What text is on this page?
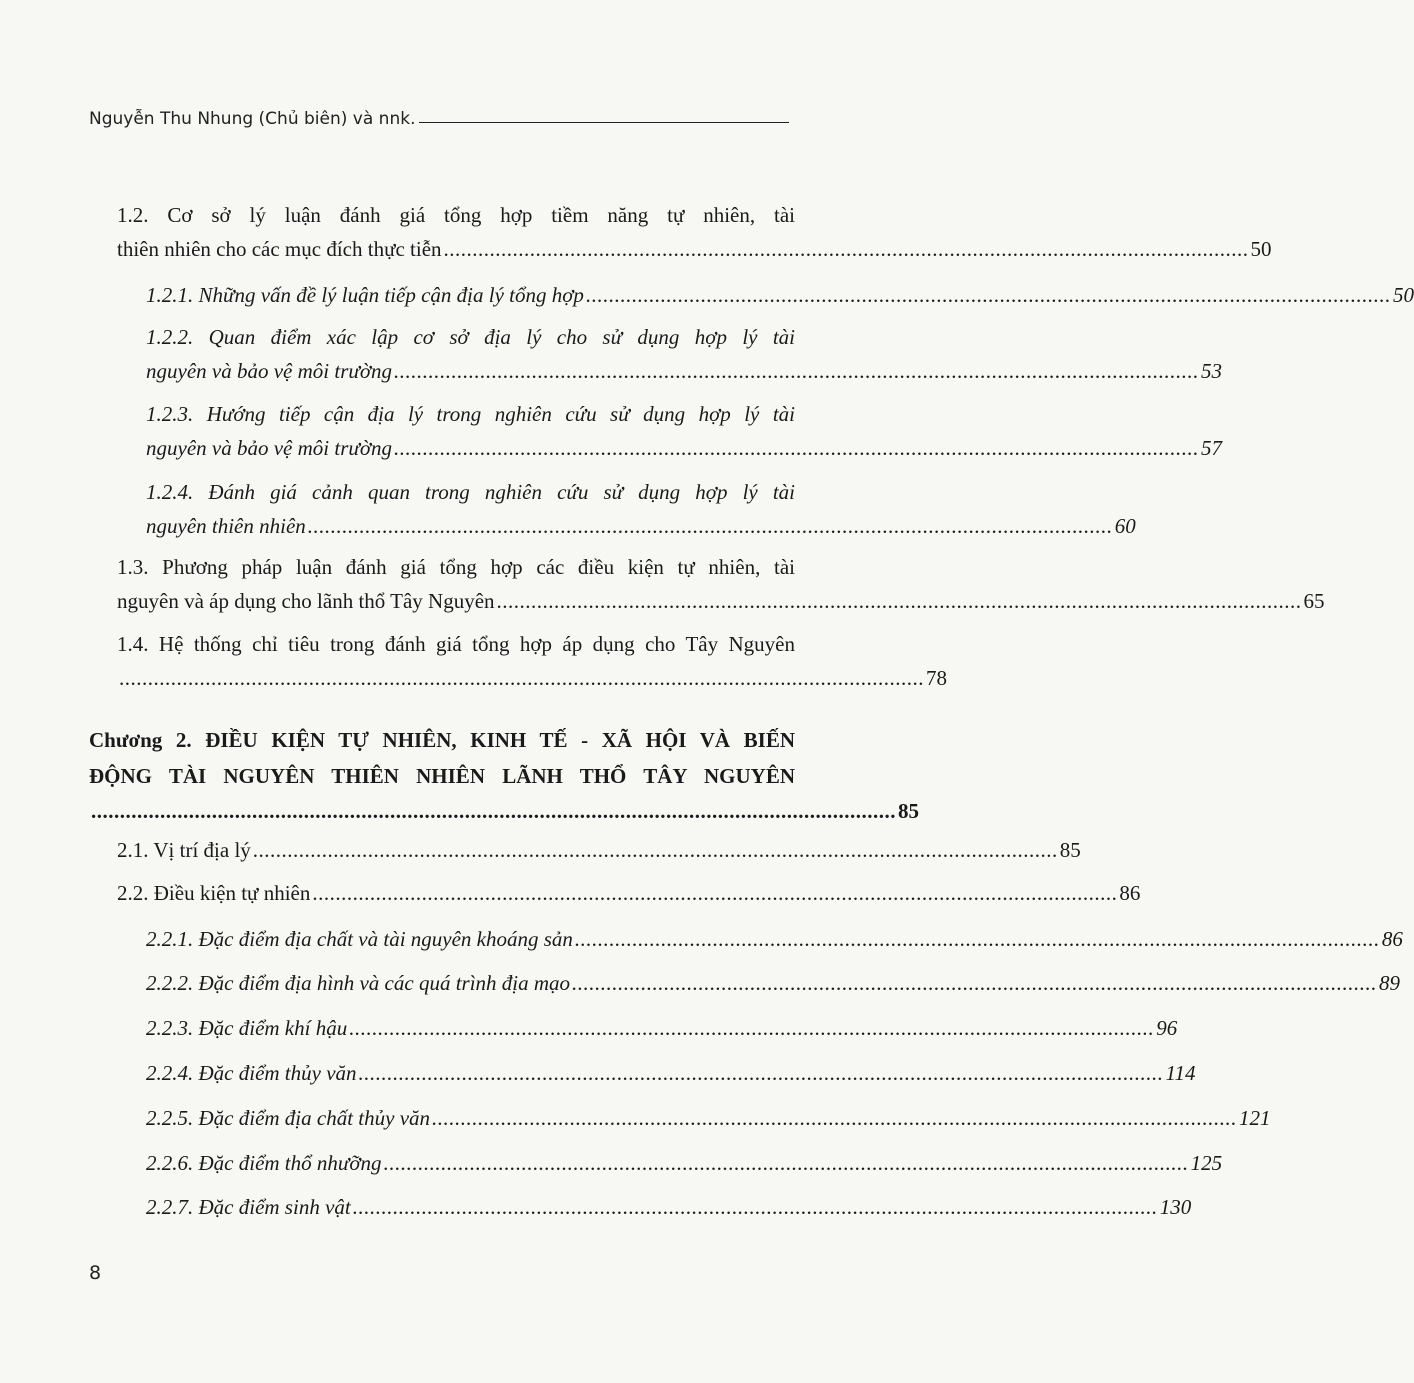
Nguyễn Thu Nhung (Chủ biên) và nnk.
1.2. Cơ sở lý luận đánh giá tổng hợp tiềm năng tự nhiên, tài
thiên nhiên cho các mục đích thực tiễn ............................................................................................................................................ 50
1.2.1. Những vấn đề lý luận tiếp cận địa lý tổng hợp ............................................................................................................................................ 50
1.2.2. Quan điểm xác lập cơ sở địa lý cho sử dụng hợp lý tài
nguyên và bảo vệ môi trường ............................................................................................................................................ 53
1.2.3. Hướng tiếp cận địa lý trong nghiên cứu sử dụng hợp lý tài
nguyên và bảo vệ môi trường ............................................................................................................................................ 57
1.2.4. Đánh giá cảnh quan trong nghiên cứu sử dụng hợp lý tài
nguyên thiên nhiên ............................................................................................................................................ 60
1.3. Phương pháp luận đánh giá tổng hợp các điều kiện tự nhiên, tài
nguyên và áp dụng cho lãnh thổ Tây Nguyên ............................................................................................................................................ 65
1.4. Hệ thống chỉ tiêu trong đánh giá tổng hợp áp dụng cho Tây Nguyên
............................................................................................................................................ 78
Chương 2. ĐIỀU KIỆN TỰ NHIÊN, KINH TẾ - XÃ HỘI VÀ BIẾN
ĐỘNG TÀI NGUYÊN THIÊN NHIÊN LÃNH THỔ TÂY NGUYÊN
............................................................................................................................................ 85
2.1. Vị trí địa lý ............................................................................................................................................ 85
2.2. Điều kiện tự nhiên ............................................................................................................................................ 86
2.2.1. Đặc điểm địa chất và tài nguyên khoáng sản ............................................................................................................................................ 86
2.2.2. Đặc điểm địa hình và các quá trình địa mạo ............................................................................................................................................ 89
2.2.3. Đặc điểm khí hậu ............................................................................................................................................ 96
2.2.4. Đặc điểm thủy văn ............................................................................................................................................ 114
2.2.5. Đặc điểm địa chất thủy văn ............................................................................................................................................ 121
2.2.6. Đặc điểm thổ nhưỡng ............................................................................................................................................ 125
2.2.7. Đặc điểm sinh vật ............................................................................................................................................ 130
8
